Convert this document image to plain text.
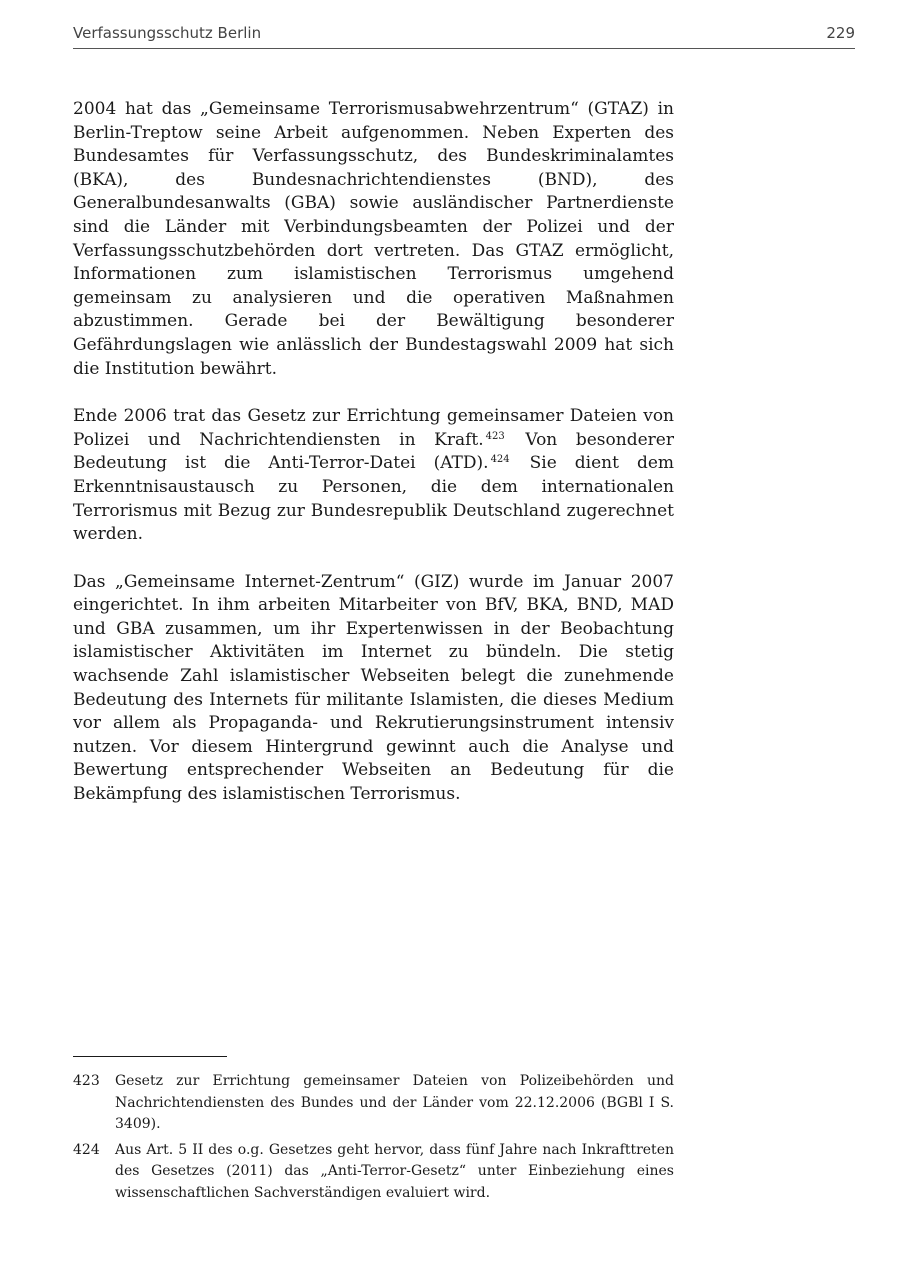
Verfassungsschutz Berlin	229

2004 hat das „Gemeinsame Terrorismusabwehrzentrum“ (GTAZ) in Berlin-Treptow seine Arbeit aufgenommen. Neben Experten des Bundesamtes für Verfassungsschutz, des Bundeskriminalamtes (BKA), des Bundesnachrichtendienstes (BND), des Generalbundesanwalts (GBA) sowie ausländischer Partnerdienste sind die Länder mit Verbindungsbeamten der Polizei und der Verfassungsschutzbehörden dort vertreten. Das GTAZ ermöglicht, Informationen zum islamistischen Terrorismus umgehend gemeinsam zu analysieren und die operativen Maßnahmen abzustimmen. Gerade bei der Bewältigung besonderer Gefährdungslagen wie anlässlich der Bundestagswahl 2009 hat sich die Institution bewährt.

Ende 2006 trat das Gesetz zur Errichtung gemeinsamer Dateien von Polizei und Nachrichtendiensten in Kraft. $^{423}$ Von besonderer Bedeutung ist die Anti-Terror-Datei (ATD). $^{424}$ Sie dient dem Erkenntnisaustausch zu Personen, die dem internationalen Terrorismus mit Bezug zur Bundesrepublik Deutschland zugerechnet werden.

Das „Gemeinsame Internet-Zentrum“ (GIZ) wurde im Januar 2007 eingerichtet. In ihm arbeiten Mitarbeiter von BfV, BKA, BND, MAD und GBA zusammen, um ihr Expertenwissen in der Beobachtung islamistischer Aktivitäten im Internet zu bündeln. Die stetig wachsende Zahl islamistischer Webseiten belegt die zunehmende Bedeutung des Internets für militante Islamisten, die dieses Medium vor allem als Propaganda- und Rekrutierungsinstrument intensiv nutzen. Vor diesem Hintergrund gewinnt auch die Analyse und Bewertung entsprechender Webseiten an Bedeutung für die Bekämpfung des islamistischen Terrorismus.

423	Gesetz zur Errichtung gemeinsamer Dateien von Polizeibehörden und Nachrichtendiensten des Bundes und der Länder vom 22.12.2006 (BGBl I S. 3409).
424	Aus Art. 5 II des o.g. Gesetzes geht hervor, dass fünf Jahre nach Inkrafttreten des Gesetzes (2011) das „Anti-Terror-Gesetz“ unter Einbeziehung eines wissenschaftlichen Sachverständigen evaluiert wird.
